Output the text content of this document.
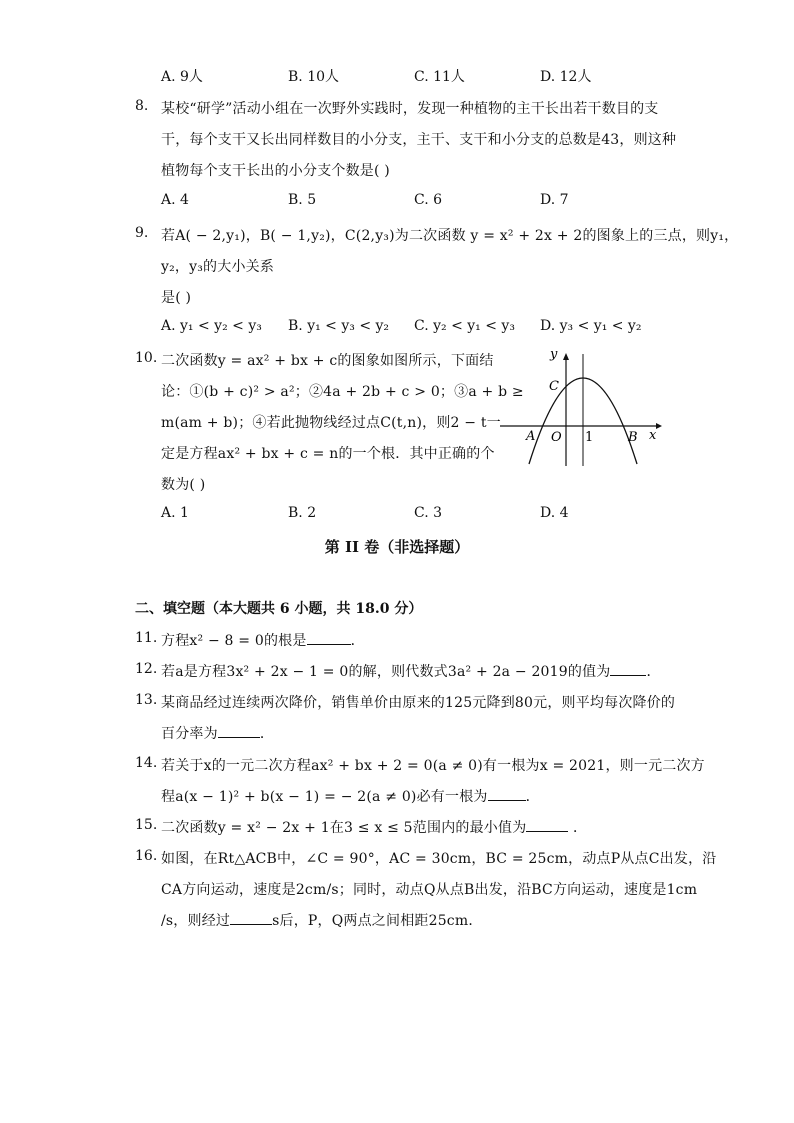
A. 9人	B. 10人	C. 11人	D. 12人
8. 某校“研学”活动小组在一次野外实践时，发现一种植物的主干长出若干数目的支
干，每个支干又长出同样数目的小分支，主干、支干和小分支的总数是43，则这种
植物每个支干长出的小分支个数是( )
A. 4	B. 5	C. 6	D. 7
9. 若A( − 2,y₁)，B( − 1,y₂)，C(2,y₃)为二次函数 y = x² + 2x + 2的图象上的三点，则y₁，
y₂，y₃的大小关系
是( )
A. y₁ < y₂ < y₃ B. y₁ < y₃ < y₂ C. y₂ < y₁ < y₃ D. y₃ < y₁ < y₂
10. 二次函数y = ax² + bx + c的图象如图所示，下面结
论：①(b + c)² > a²；②4a + 2b + c > 0；③a + b ≥
m(am + b)；④若此抛物线经过点C(t,n)，则2 − t一
定是方程ax² + bx + c = n的一个根．其中正确的个
数为( )
y
x
C
A O 1	B
A. 1	B. 2	C. 3	D. 4
第 II 卷（非选择题）
二、填空题（本大题共 6 小题，共 18.0 分）
11. 方程x² − 8 = 0的根是	．
12. 若a是方程3x² + 2x − 1 = 0的解，则代数式3a² + 2a − 2019的值为	．
13. 某商品经过连续两次降价，销售单价由原来的125元降到80元，则平均每次降价的
百分率为	．
14. 若关于x的一元二次方程ax² + bx + 2 = 0(a ≠ 0)有一根为x = 2021，则一元二次方
程a(x − 1)² + b(x − 1) = − 2(a ≠ 0)必有一根为	．
15. 二次函数y = x² − 2x + 1在3 ≤ x ≤ 5范围内的最小值为	．
16. 如图，在Rt△ACB中，∠C = 90°，AC = 30cm，BC = 25cm，动点P从点C出发，沿
CA方向运动，速度是2cm/s；同时，动点Q从点B出发，沿BC方向运动，速度是1cm
/s，则经过	s后，P，Q两点之间相距25cm．
